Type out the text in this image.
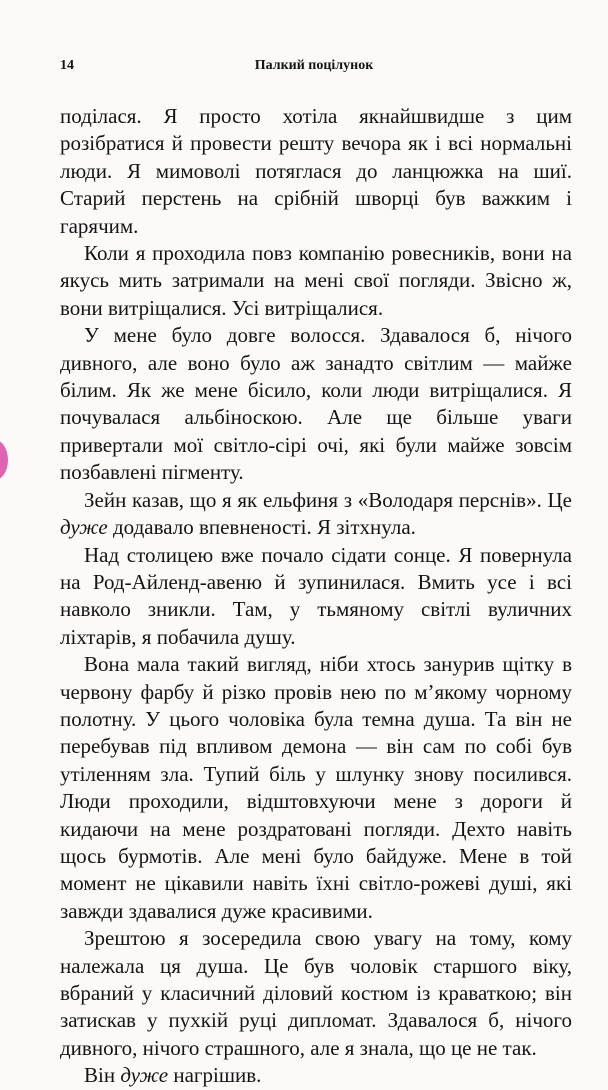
14	Палкий поцілунок

поділася. Я просто хотіла якнайшвидше з цим розібратися й провести решту вечора як і всі нормальні люди. Я мимоволі потяглася до ланцюжка на шиї. Старий перстень на срібній шворці був важким і гарячим.

Коли я проходила повз компанію ровесників, вони на якусь мить затримали на мені свої погляди. Звісно ж, вони витріщалися. Усі витріщалися.

У мене було довге волосся. Здавалося б, нічого дивного, але воно було аж занадто світлим — майже білим. Як же мене бісило, коли люди витріщалися. Я почувалася альбіноскою. Але ще більше уваги привертали мої світло-сірі очі, які були майже зовсім позбавлені пігменту.

Зейн казав, що я як ельфиня з «Володаря перснів». Це дуже додавало впевненості. Я зітхнула.

Над столицею вже почало сідати сонце. Я повернула на Род-Айленд-авеню й зупинилася. Вмить усе і всі навколо зникли. Там, у тьмяному світлі вуличних ліхтарів, я побачила душу.

Вона мала такий вигляд, ніби хтось занурив щітку в червону фарбу й різко провів нею по м’якому чорному полотну. У цього чоловіка була темна душа. Та він не перебував під впливом демона — він сам по собі був утіленням зла. Тупий біль у шлунку знову посилився. Люди проходили, відштовхуючи мене з дороги й кидаючи на мене роздратовані погляди. Дехто навіть щось бурмотів. Але мені було байдуже. Мене в той момент не цікавили навіть їхні світло-рожеві душі, які завжди здавалися дуже красивими.

Зрештою я зосередила свою увагу на тому, кому належала ця душа. Це був чоловік старшого віку, вбраний у класичний діловий костюм із краваткою; він затискав у пухкій руці дипломат. Здавалося б, нічого дивного, нічого страшного, але я знала, що це не так.

Він дуже нагрішив.
